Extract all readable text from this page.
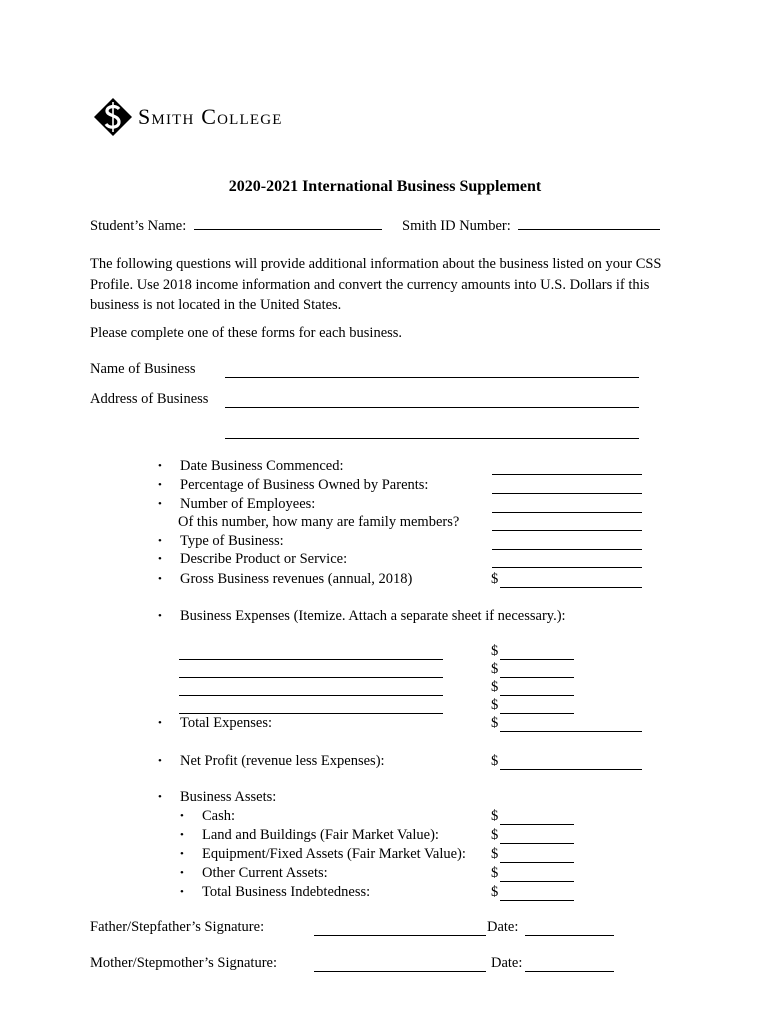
Smith College
2020-2021 International Business Supplement
Student’s Name:	Smith ID Number:
The following questions will provide additional information about the business listed on your CSS Profile. Use 2018 income information and convert the currency amounts into U.S. Dollars if this business is not located in the United States.
Please complete one of these forms for each business.
Name of Business
Address of Business
• Date Business Commenced:
• Percentage of Business Owned by Parents:
• Number of Employees:
Of this number, how many are family members?
• Type of Business:
• Describe Product or Service:
• Gross Business revenues (annual, 2018)	$
• Business Expenses (Itemize. Attach a separate sheet if necessary.):
$
$
$
$
• Total Expenses:	$
• Net Profit (revenue less Expenses):	$
• Business Assets:
• Cash:	$
• Land and Buildings (Fair Market Value):	$
• Equipment/Fixed Assets (Fair Market Value): $
• Other Current Assets:	$
• Total Business Indebtedness:	$
Father/Stepfather’s Signature:	Date:
Mother/Stepmother’s Signature:	Date:
